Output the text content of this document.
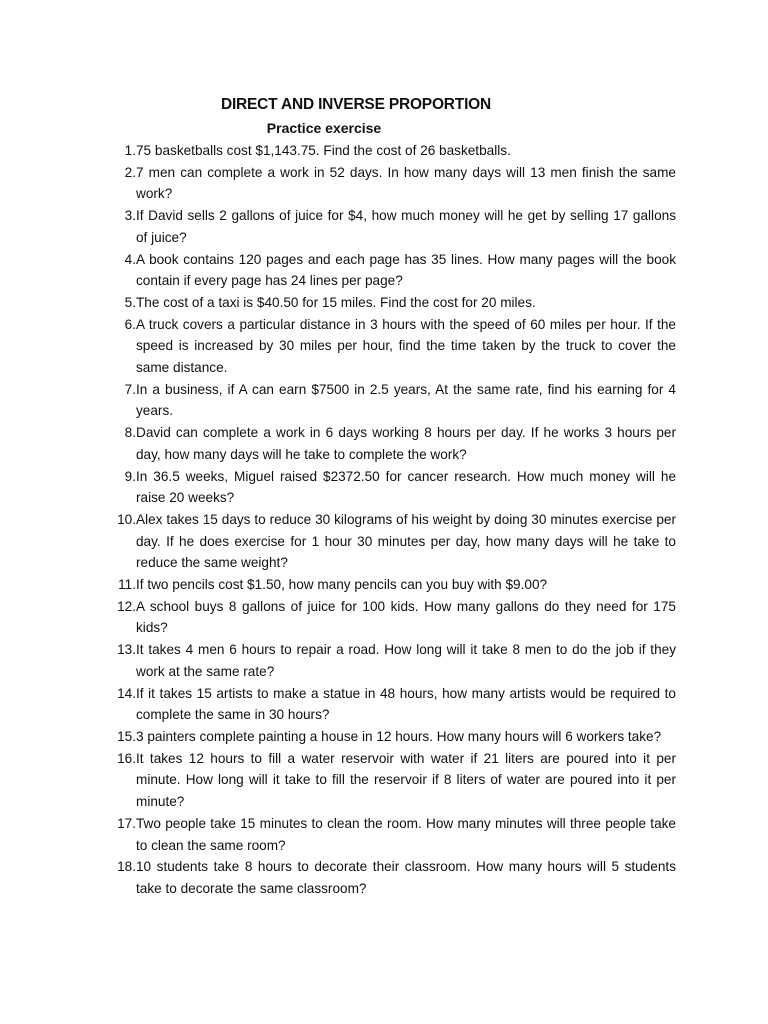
DIRECT AND INVERSE PROPORTION
Practice exercise
1. 75 basketballs cost $1,143.75. Find the cost of 26 basketballs.

2. 7 men can complete a work in 52 days. In how many days will 13 men finish the same work?

3. If David sells 2 gallons of juice for $4, how much money will he get by selling 17 gallons of juice?

4. A book contains 120 pages and each page has 35 lines. How many pages will the book contain if every page has 24 lines per page?

5. The cost of a taxi is $40.50 for 15 miles. Find the cost for 20 miles.

6. A truck covers a particular distance in 3 hours with the speed of 60 miles per hour. If the speed is increased by 30 miles per hour, find the time taken by the truck to cover the same distance.

7. In a business, if A can earn $7500 in 2.5 years, At the same rate, find his earning for 4 years.

8. David can complete a work in 6 days working 8 hours per day. If he works 3 hours per day, how many days will he take to complete the work?

9. In 36.5 weeks, Miguel raised $2372.50 for cancer research. How much money will he raise 20 weeks?

10. Alex takes 15 days to reduce 30 kilograms of his weight by doing 30 minutes exercise per day. If he does exercise for 1 hour 30 minutes per day, how many days will he take to reduce the same weight?

11. If two pencils cost $1.50, how many pencils can you buy with $9.00?

12. A school buys 8 gallons of juice for 100 kids. How many gallons do they need for 175 kids?

13. It takes 4 men 6 hours to repair a road. How long will it take 8 men to do the job if they work at the same rate?

14. If it takes 15 artists to make a statue in 48 hours, how many artists would be required to complete the same in 30 hours?

15. 3 painters complete painting a house in 12 hours. How many hours will 6 workers take?

16. It takes 12 hours to fill a water reservoir with water if 21 liters are poured into it per minute. How long will it take to fill the reservoir if 8 liters of water are poured into it per minute?

17. Two people take 15 minutes to clean the room. How many minutes will three people take to clean the same room?

18. 10 students take 8 hours to decorate their classroom. How many hours will 5 students take to decorate the same classroom?
